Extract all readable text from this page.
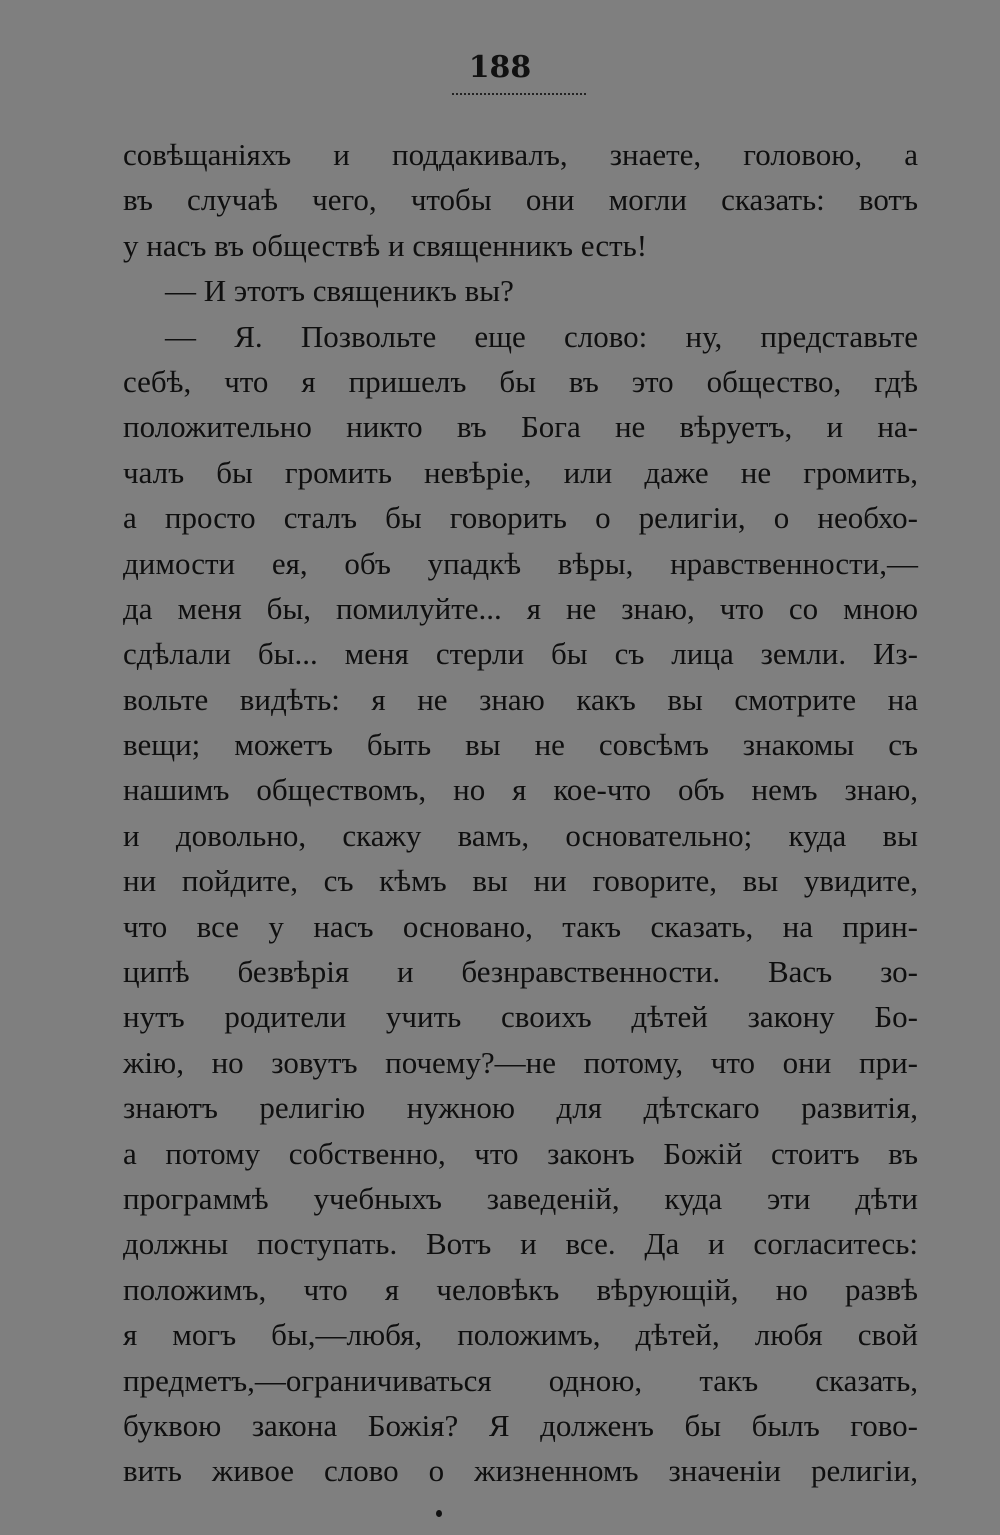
188
совѣщаніяхъ и поддакивалъ, знаете, головою, а
въ случаѣ чего, чтобы они могли сказать: вотъ
у насъ въ обществѣ и священникъ есть!
— И этотъ священикъ вы?
— Я. Позвольте еще слово: ну, представьте
себѣ, что я пришелъ бы въ это общество, гдѣ
положительно никто въ Бога не вѣруетъ, и на-
чалъ бы громить невѣріе, или даже не громить,
а просто сталъ бы говорить о религіи, о необхо-
димости ея, объ упадкѣ вѣры, нравственности,—
да меня бы, помилуйте... я не знаю, что со мною
сдѣлали бы... меня стерли бы съ лица земли. Из-
вольте видѣть: я не знаю какъ вы смотрите на
вещи; можетъ быть вы не совсѣмъ знакомы съ
нашимъ обществомъ, но я кое-что объ немъ знаю,
и довольно, скажу вамъ, основательно; куда вы
ни пойдите, съ кѣмъ вы ни говорите, вы увидите,
что все у насъ основано, такъ сказать, на прин-
ципѣ безвѣрія и безнравственности. Васъ зо-
нутъ родители учить своихъ дѣтей закону Бо-
жію, но зовутъ почему?—не потому, что они при-
знаютъ религію нужною для дѣтскаго развитія,
а потому собственно, что законъ Божій стоитъ въ
программѣ учебныхъ заведеній, куда эти дѣти
должны поступать. Вотъ и все. Да и согласитесь:
положимъ, что я человѣкъ вѣрующій, но развѣ
я могъ бы,—любя, положимъ, дѣтей, любя свой
предметъ,—ограничиваться одною, такъ сказать,
буквою закона Божія? Я долженъ бы былъ гово-
вить живое слово о жизненномъ значеніи религіи,
